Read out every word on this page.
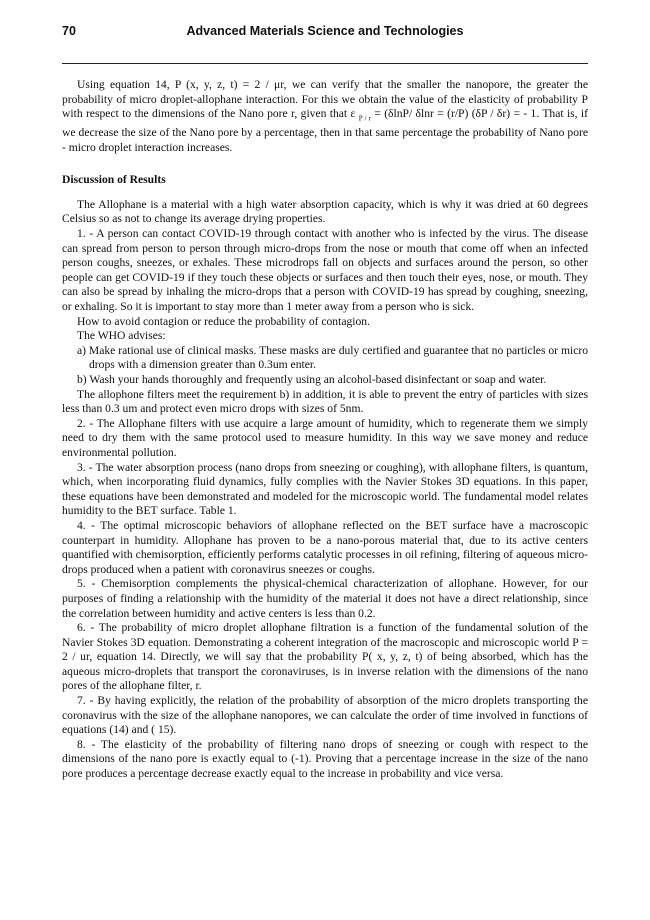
70	Advanced Materials Science and Technologies

Using equation 14, P (x, y, z, t) = 2 / μr, we can verify that the smaller the nanopore, the greater the probability of micro droplet-allophane interaction. For this we obtain the value of the elasticity of probability P with respect to the dimensions of the Nano pore r, given that ε $_{P / r}$ = (δlnP/ δlnr = (r/P) (δP / δr) = - 1. That is, if we decrease the size of the Nano pore by a percentage, then in that same percentage the probability of Nano pore - micro droplet interaction increases.

Discussion of Results

The Allophane is a material with a high water absorption capacity, which is why it was dried at 60 degrees Celsius so as not to change its average drying properties.

1. - A person can contact COVID-19 through contact with another who is infected by the virus. The disease can spread from person to person through micro-drops from the nose or mouth that come off when an infected person coughs, sneezes, or exhales. These microdrops fall on objects and surfaces around the person, so other people can get COVID-19 if they touch these objects or surfaces and then touch their eyes, nose, or mouth. They can also be spread by inhaling the micro-drops that a person with COVID-19 has spread by coughing, sneezing, or exhaling. So it is important to stay more than 1 meter away from a person who is sick.

How to avoid contagion or reduce the probability of contagion.

The WHO advises:

a) Make rational use of clinical masks. These masks are duly certified and guarantee that no particles or micro drops with a dimension greater than 0.3um enter.
b) Wash your hands thoroughly and frequently using an alcohol-based disinfectant or soap and water.

The allophone filters meet the requirement b) in addition, it is able to prevent the entry of particles with sizes less than 0.3 um and protect even micro drops with sizes of 5nm.

2. - The Allophane filters with use acquire a large amount of humidity, which to regenerate them we simply need to dry them with the same protocol used to measure humidity. In this way we save money and reduce environmental pollution.

3. - The water absorption process (nano drops from sneezing or coughing), with allophane filters, is quantum, which, when incorporating fluid dynamics, fully complies with the Navier Stokes 3D equations. In this paper, these equations have been demonstrated and modeled for the microscopic world. The fundamental model relates humidity to the BET surface. Table 1.

4. - The optimal microscopic behaviors of allophane reflected on the BET surface have a macroscopic counterpart in humidity. Allophane has proven to be a nano-porous material that, due to its active centers quantified with chemisorption, efficiently performs catalytic processes in oil refining, filtering of aqueous micro-drops produced when a patient with coronavirus sneezes or coughs.

5. - Chemisorption complements the physical-chemical characterization of allophane. However, for our purposes of finding a relationship with the humidity of the material it does not have a direct relationship, since the correlation between humidity and active centers is less than 0.2.

6. - The probability of micro droplet allophane filtration is a function of the fundamental solution of the Navier Stokes 3D equation. Demonstrating a coherent integration of the macroscopic and microscopic world P = 2 / ur, equation 14. Directly, we will say that the probability P( x, y, z, t) of being absorbed, which has the aqueous micro-droplets that transport the coronaviruses, is in inverse relation with the dimensions of the nano pores of the allophane filter, r.

7. - By having explicitly, the relation of the probability of absorption of the micro droplets transporting the coronavirus with the size of the allophane nanopores, we can calculate the order of time involved in functions of equations (14) and ( 15).

8. - The elasticity of the probability of filtering nano drops of sneezing or cough with respect to the dimensions of the nano pore is exactly equal to (-1). Proving that a percentage increase in the size of the nano pore produces a percentage decrease exactly equal to the increase in probability and vice versa.
